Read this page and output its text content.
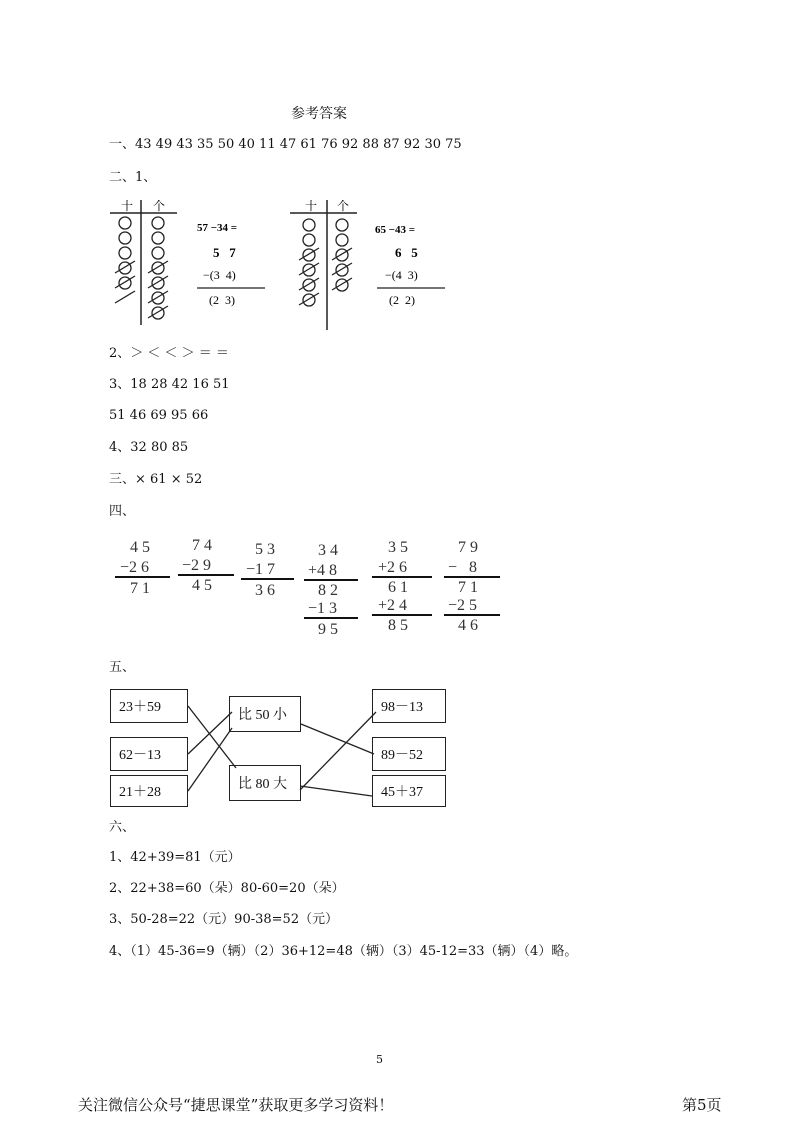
参考答案
一、43 49 43 35 50 40 11 47 61 76 92 88 87 92 30 75
二、1、
十 个
57 −34 =
5   7
−(3  4)
(2  3)
十 个
65 −43 =
6   5
−(4  3)
(2  2)
2、＞ ＜ ＜ ＞ ＝ ＝
3、18 28 42 16 51
51 46 69 95 66
4、32 80 85
三、× 61 × 52
四、
4 5
−2 6
7 1
7 4
−2 9
4 5
5 3
−1 7
3 6
3 4
+4 8
8 2
−1 3
9 5
3 5
+2 6
6 1
+2 4
8 5
7 9
−   8
7 1
−2 5
4 6
五、
23＋59
62－13
21＋28
比 50 小
比 80 大
98－13
89－52
45＋37
六、
1、42+39=81（元）
2、22+38=60（朵）80-60=20（朵）
3、50-28=22（元）90-38=52（元）
4、（1）45-36=9（辆）（2）36+12=48（辆）（3）45-12=33（辆）（4）略。
5
关注微信公众号“捷思课堂”获取更多学习资料！	第5页
